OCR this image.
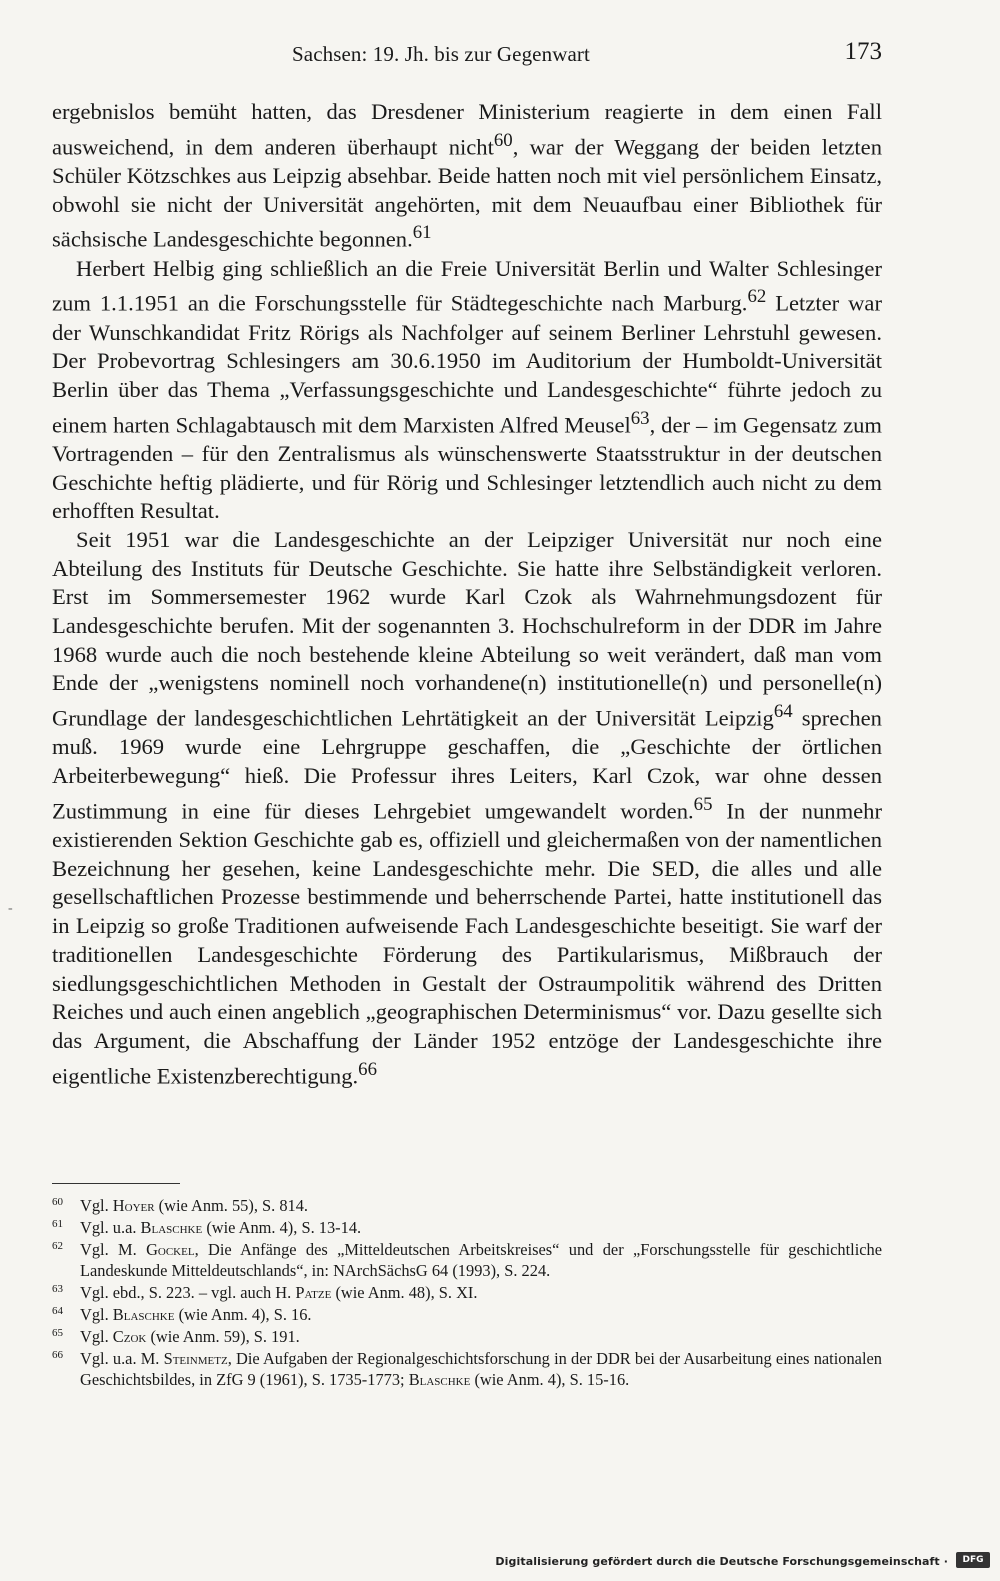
Sachsen: 19. Jh. bis zur Gegenwart	173

ergebnislos bemüht hatten, das Dresdener Ministerium reagierte in dem einen Fall ausweichend, in dem anderen überhaupt nicht$^{60}$, war der Weggang der beiden letzten Schüler Kötzschkes aus Leipzig absehbar. Beide hatten noch mit viel persönlichem Einsatz, obwohl sie nicht der Universität angehörten, mit dem Neuaufbau einer Bibliothek für sächsische Landesgeschichte begonnen.$^{61}$

Herbert Helbig ging schließlich an die Freie Universität Berlin und Walter Schlesinger zum 1.1.1951 an die Forschungsstelle für Städtegeschichte nach Marburg.$^{62}$ Letzter war der Wunschkandidat Fritz Rörigs als Nachfolger auf seinem Berliner Lehrstuhl gewesen. Der Probevortrag Schlesingers am 30.6.1950 im Auditorium der Humboldt-Universität Berlin über das Thema „Verfassungsgeschichte und Landesgeschichte“ führte jedoch zu einem harten Schlagabtausch mit dem Marxisten Alfred Meusel$^{63}$, der – im Gegensatz zum Vortragenden – für den Zentralismus als wünschenswerte Staatsstruktur in der deutschen Geschichte heftig plädierte, und für Rörig und Schlesinger letztendlich auch nicht zu dem erhofften Resultat.

Seit 1951 war die Landesgeschichte an der Leipziger Universität nur noch eine Abteilung des Instituts für Deutsche Geschichte. Sie hatte ihre Selbständigkeit verloren. Erst im Sommersemester 1962 wurde Karl Czok als Wahrnehmungsdozent für Landesgeschichte berufen. Mit der sogenannten 3. Hochschulreform in der DDR im Jahre 1968 wurde auch die noch bestehende kleine Abteilung so weit verändert, daß man vom Ende der „wenigstens nominell noch vorhandene(n) institutionelle(n) und personelle(n) Grundlage der landesgeschichtlichen Lehrtätigkeit an der Universität Leipzig$^{64}$ sprechen muß. 1969 wurde eine Lehrgruppe geschaffen, die „Geschichte der örtlichen Arbeiterbewegung“ hieß. Die Professur ihres Leiters, Karl Czok, war ohne dessen Zustimmung in eine für dieses Lehrgebiet umgewandelt worden.$^{65}$ In der nunmehr existierenden Sektion Geschichte gab es, offiziell und gleichermaßen von der namentlichen Bezeichnung her gesehen, keine Landesgeschichte mehr. Die SED, die alles und alle gesellschaftlichen Prozesse bestimmende und beherrschende Partei, hatte institutionell das in Leipzig so große Traditionen aufweisende Fach Landesgeschichte beseitigt. Sie warf der traditionellen Landesgeschichte Förderung des Partikularismus, Mißbrauch der siedlungsgeschichtlichen Methoden in Gestalt der Ostraumpolitik während des Dritten Reiches und auch einen angeblich „geographischen Determinismus“ vor. Dazu gesellte sich das Argument, die Abschaffung der Länder 1952 entzöge der Landesgeschichte ihre eigentliche Existenzberechtigung.$^{66}$

-
60	Vgl. Hoyer (wie Anm. 55), S. 814.
61	Vgl. u.a. Blaschke (wie Anm. 4), S. 13-14.
62	Vgl. M. Gockel, Die Anfänge des „Mitteldeutschen Arbeitskreises“ und der „Forschungsstelle für geschichtliche Landeskunde Mitteldeutschlands“, in: NArchSächsG 64 (1993), S. 224.
63	Vgl. ebd., S. 223. – vgl. auch H. Patze (wie Anm. 48), S. XI.
64	Vgl. Blaschke (wie Anm. 4), S. 16.
65	Vgl. Czok (wie Anm. 59), S. 191.
66	Vgl. u.a. M. Steinmetz, Die Aufgaben der Regionalgeschichtsforschung in der DDR bei der Ausarbeitung eines nationalen Geschichtsbildes, in ZfG 9 (1961), S. 1735-1773; Blaschke (wie Anm. 4), S. 15-16.
Digitalisierung gefördert durch die Deutsche Forschungsgemeinschaft ·	DFG
